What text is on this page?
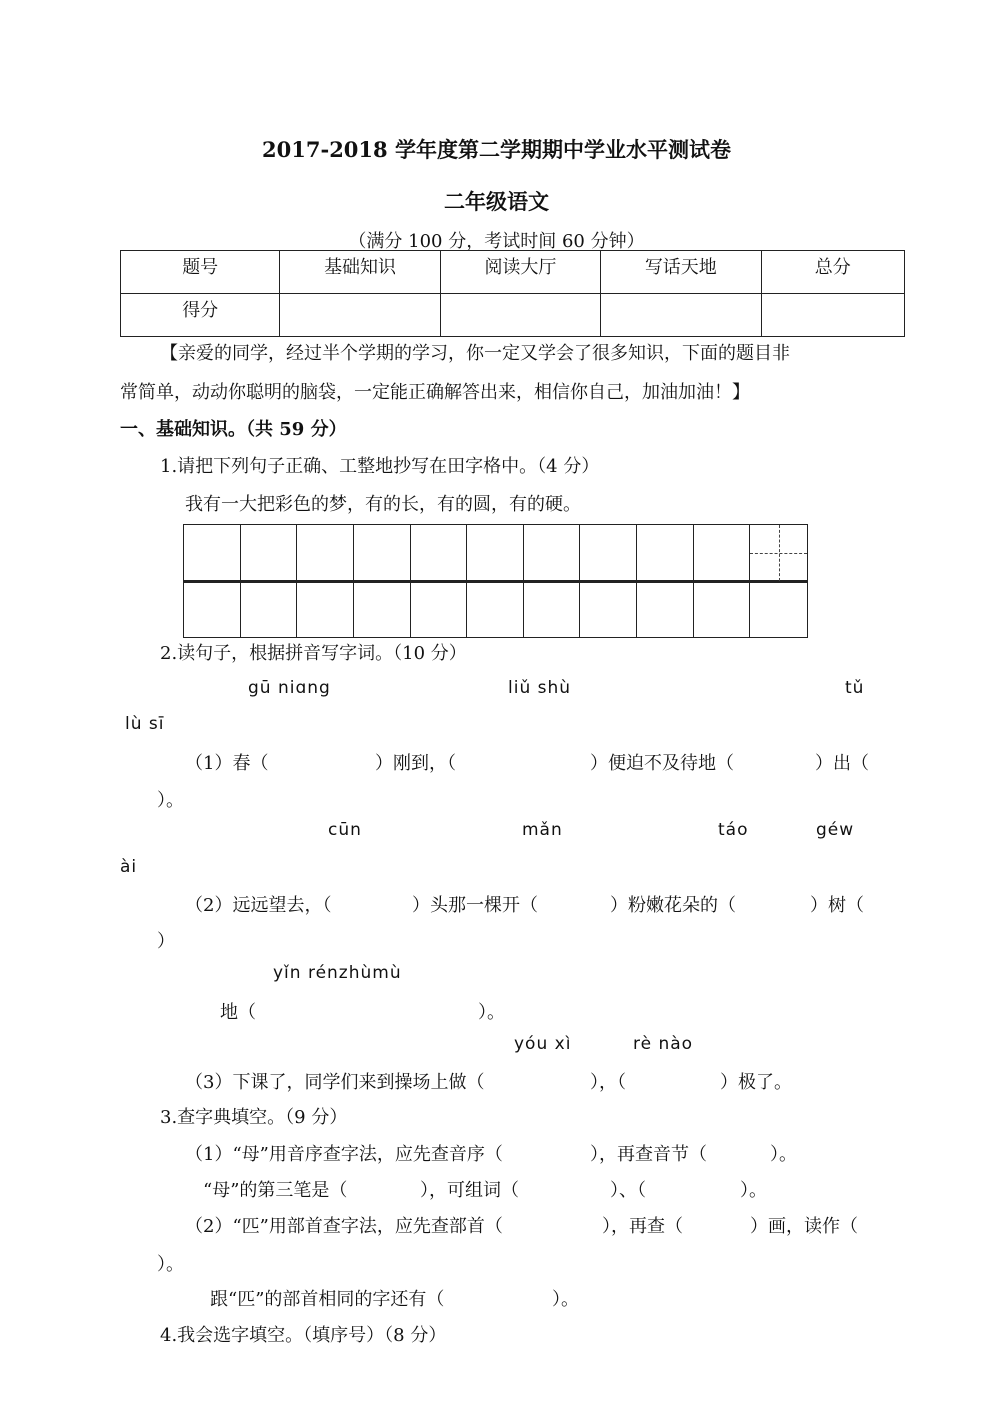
2017-2018 学年度第二学期期中学业水平测试卷
二年级语文
（满分 100 分，考试时间 60 分钟）
题号	基础知识	阅读大厅	写话天地	总分
得分				
【亲爱的同学，经过半个学期的学习，你一定又学会了很多知识，下面的题目非
常简单，动动你聪明的脑袋，一定能正确解答出来，相信你自己，加油加油！】
一、基础知识。（共 59 分）
1.请把下列句子正确、工整地抄写在田字格中。（4 分）
我有一大把彩色的梦，有的长，有的圆，有的硬。
2.读句子，根据拼音写字词。（10 分）
gū niɑng	liǔ shù	tǔ
lù sī
（1）春（	）刚到，（	）便迫不及待地（	）出（
）。
cūn	mǎn	táo	géw
ài
（2）远远望去，（	）头那一棵开（	）粉嫩花朵的（	）树（
）
yǐn rénzhùmù
地（	）。
yóu xì	rè nào
（3）下课了，同学们来到操场上做（	），（	）极了。
3.查字典填空。（9 分）
（1）“母”用音序查字法，应先查音序（	），再查音节（	）。
“母”的第三笔是（	），可组词（	）、（	）。
（2）“匹”用部首查字法，应先查部首（	），再查（	）画，读作（
）。
跟“匹”的部首相同的字还有（	）。
4.我会选字填空。（填序号）（8 分）
